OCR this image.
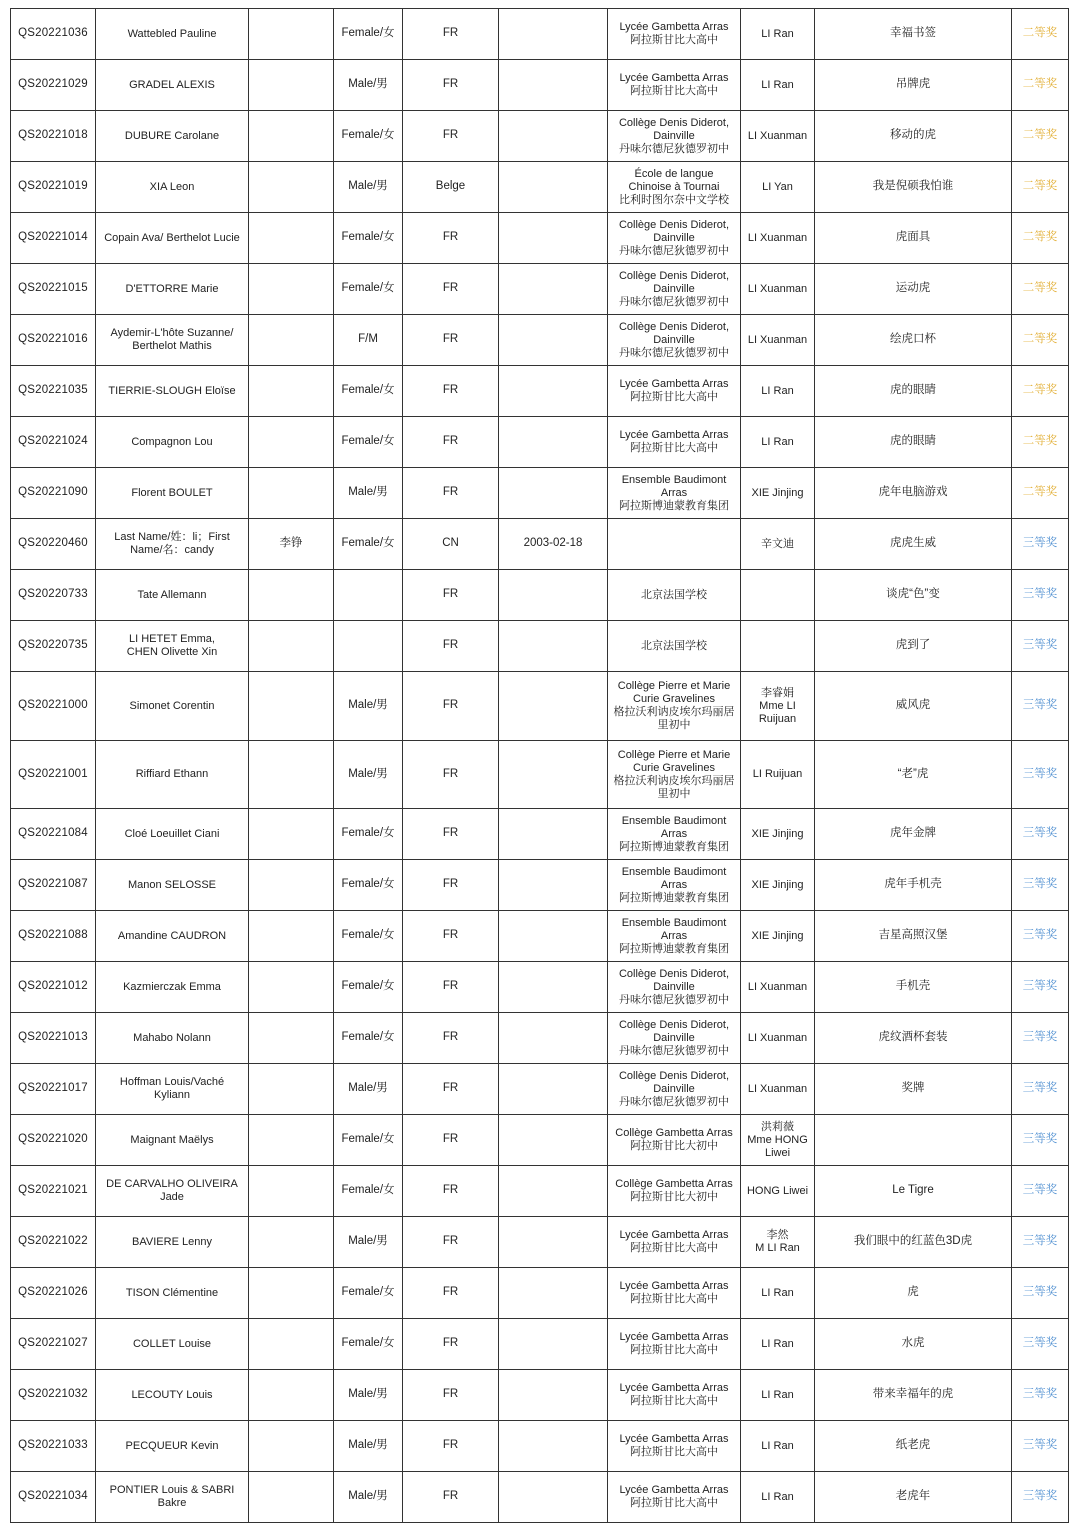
QS20221036	Wattebled Pauline		Female/女	FR		Lycée Gambetta Arras
阿拉斯甘比大高中	LI Ran	幸福书签	二等奖
QS20221029	GRADEL ALEXIS		Male/男	FR		Lycée Gambetta Arras
阿拉斯甘比大高中	LI Ran	吊牌虎	二等奖
QS20221018	DUBURE Carolane		Female/女	FR		Collège Denis Diderot,
Dainville
丹味尔德尼狄德罗初中	LI Xuanman	移动的虎	二等奖
QS20221019	XIA Leon		Male/男	Belge		École de langue
Chinoise à Tournai
比利时图尔奈中文学校	LI Yan	我是倪硕我怕谁	二等奖
QS20221014	Copain Ava/ Berthelot Lucie		Female/女	FR		Collège Denis Diderot,
Dainville
丹味尔德尼狄德罗初中	LI Xuanman	虎面具	二等奖
QS20221015	D'ETTORRE Marie		Female/女	FR		Collège Denis Diderot,
Dainville
丹味尔德尼狄德罗初中	LI Xuanman	运动虎	二等奖
QS20221016	Aydemir-L'hôte Suzanne/
Berthelot Mathis		F/M	FR		Collège Denis Diderot,
Dainville
丹味尔德尼狄德罗初中	LI Xuanman	绘虎口杯	二等奖
QS20221035	TIERRIE-SLOUGH Eloïse		Female/女	FR		Lycée Gambetta Arras
阿拉斯甘比大高中	LI Ran	虎的眼睛	二等奖
QS20221024	Compagnon Lou		Female/女	FR		Lycée Gambetta Arras
阿拉斯甘比大高中	LI Ran	虎的眼睛	二等奖
QS20221090	Florent BOULET		Male/男	FR		Ensemble Baudimont
Arras
阿拉斯博迪蒙教育集团	XIE Jinjing	虎年电脑游戏	二等奖
QS20220460	Last Name/姓：li；First
Name/名：candy	李铮	Female/女	CN	2003-02-18		辛文迪	虎虎生威	三等奖
QS20220733	Tate Allemann			FR		北京法国学校		谈虎“色”变	三等奖
QS20220735	LI HETET Emma,
CHEN Olivette Xin			FR		北京法国学校		虎到了	三等奖
QS20221000	Simonet Corentin		Male/男	FR		Collège Pierre et Marie
Curie Gravelines
格拉沃利讷皮埃尔玛丽居
里初中	李睿娟
Mme LI
Ruijuan	威风虎	三等奖
QS20221001	Riffiard Ethann		Male/男	FR		Collège Pierre et Marie
Curie Gravelines
格拉沃利讷皮埃尔玛丽居
里初中	LI Ruijuan	“老”虎	三等奖
QS20221084	Cloé Loeuillet Ciani		Female/女	FR		Ensemble Baudimont
Arras
阿拉斯博迪蒙教育集团	XIE Jinjing	虎年金牌	三等奖
QS20221087	Manon SELOSSE		Female/女	FR		Ensemble Baudimont
Arras
阿拉斯博迪蒙教育集团	XIE Jinjing	虎年手机壳	三等奖
QS20221088	Amandine CAUDRON		Female/女	FR		Ensemble Baudimont
Arras
阿拉斯博迪蒙教育集团	XIE Jinjing	吉星高照汉堡	三等奖
QS20221012	Kazmierczak Emma		Female/女	FR		Collège Denis Diderot,
Dainville
丹味尔德尼狄德罗初中	LI Xuanman	手机壳	三等奖
QS20221013	Mahabo Nolann		Female/女	FR		Collège Denis Diderot,
Dainville
丹味尔德尼狄德罗初中	LI Xuanman	虎纹酒杯套装	三等奖
QS20221017	Hoffman Louis/Vaché
Kyliann		Male/男	FR		Collège Denis Diderot,
Dainville
丹味尔德尼狄德罗初中	LI Xuanman	奖牌	三等奖
QS20221020	Maignant Maëlys		Female/女	FR		Collège Gambetta Arras
阿拉斯甘比大初中	洪莉薇
Mme HONG
Liwei		三等奖
QS20221021	DE CARVALHO OLIVEIRA
Jade		Female/女	FR		Collège Gambetta Arras
阿拉斯甘比大初中	HONG Liwei	Le Tigre	三等奖
QS20221022	BAVIERE Lenny		Male/男	FR		Lycée Gambetta Arras
阿拉斯甘比大高中	李然
M LI Ran	我们眼中的红蓝色3D虎	三等奖
QS20221026	TISON Clémentine		Female/女	FR		Lycée Gambetta Arras
阿拉斯甘比大高中	LI Ran	虎	三等奖
QS20221027	COLLET Louise		Female/女	FR		Lycée Gambetta Arras
阿拉斯甘比大高中	LI Ran	水虎	三等奖
QS20221032	LECOUTY Louis		Male/男	FR		Lycée Gambetta Arras
阿拉斯甘比大高中	LI Ran	带来幸福年的虎	三等奖
QS20221033	PECQUEUR Kevin		Male/男	FR		Lycée Gambetta Arras
阿拉斯甘比大高中	LI Ran	纸老虎	三等奖
QS20221034	PONTIER Louis & SABRI
Bakre		Male/男	FR		Lycée Gambetta Arras
阿拉斯甘比大高中	LI Ran	老虎年	三等奖
